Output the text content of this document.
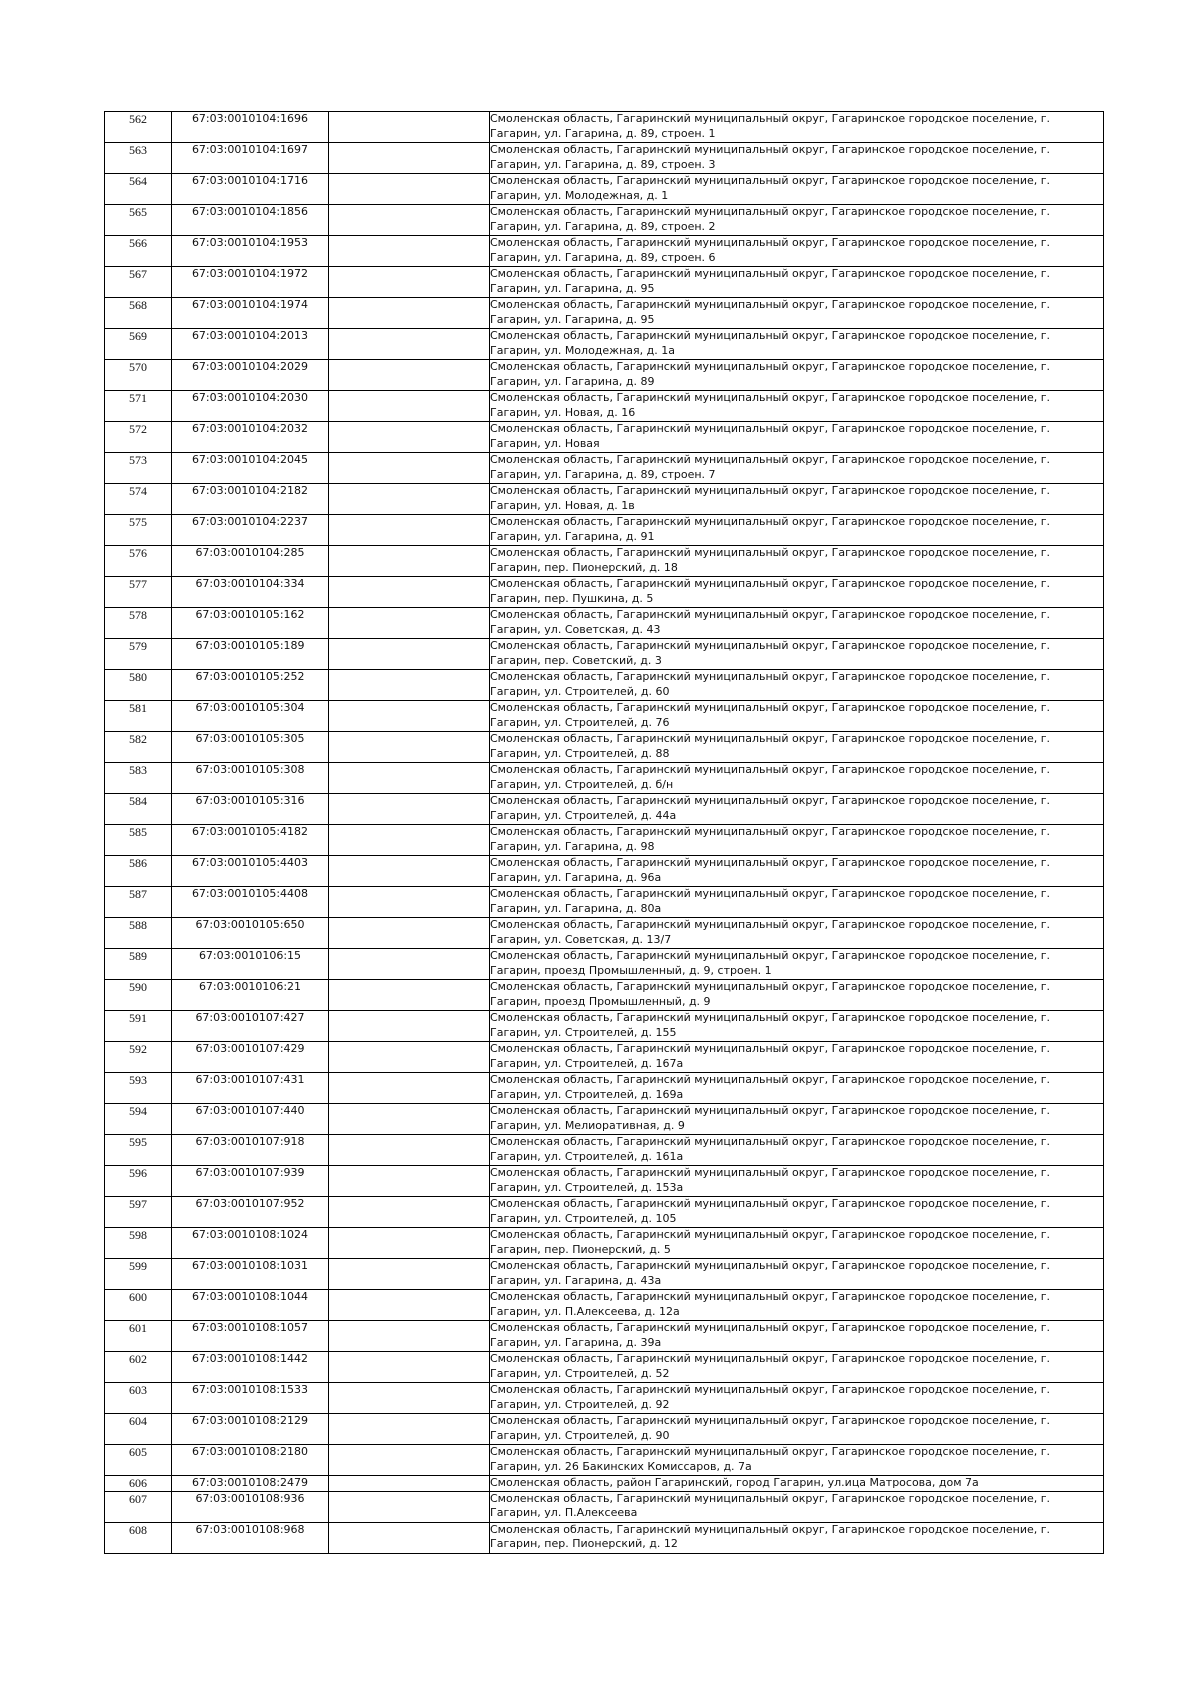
562	67:03:0010104:1696		Смоленская область, Гагаринский муниципальный округ, Гагаринское городское поселение, г.
Гагарин, ул. Гагарина, д. 89, строен. 1

563	67:03:0010104:1697		Смоленская область, Гагаринский муниципальный округ, Гагаринское городское поселение, г.
Гагарин, ул. Гагарина, д. 89, строен. 3

564	67:03:0010104:1716		Смоленская область, Гагаринский муниципальный округ, Гагаринское городское поселение, г.
Гагарин, ул. Молодежная, д. 1

565	67:03:0010104:1856		Смоленская область, Гагаринский муниципальный округ, Гагаринское городское поселение, г.
Гагарин, ул. Гагарина, д. 89, строен. 2

566	67:03:0010104:1953		Смоленская область, Гагаринский муниципальный округ, Гагаринское городское поселение, г.
Гагарин, ул. Гагарина, д. 89, строен. 6

567	67:03:0010104:1972		Смоленская область, Гагаринский муниципальный округ, Гагаринское городское поселение, г.
Гагарин, ул. Гагарина, д. 95

568	67:03:0010104:1974		Смоленская область, Гагаринский муниципальный округ, Гагаринское городское поселение, г.
Гагарин, ул. Гагарина, д. 95

569	67:03:0010104:2013		Смоленская область, Гагаринский муниципальный округ, Гагаринское городское поселение, г.
Гагарин, ул. Молодежная, д. 1а

570	67:03:0010104:2029		Смоленская область, Гагаринский муниципальный округ, Гагаринское городское поселение, г.
Гагарин, ул. Гагарина, д. 89

571	67:03:0010104:2030		Смоленская область, Гагаринский муниципальный округ, Гагаринское городское поселение, г.
Гагарин, ул. Новая, д. 16

572	67:03:0010104:2032		Смоленская область, Гагаринский муниципальный округ, Гагаринское городское поселение, г.
Гагарин, ул. Новая

573	67:03:0010104:2045		Смоленская область, Гагаринский муниципальный округ, Гагаринское городское поселение, г.
Гагарин, ул. Гагарина, д. 89, строен. 7

574	67:03:0010104:2182		Смоленская область, Гагаринский муниципальный округ, Гагаринское городское поселение, г.
Гагарин, ул. Новая, д. 1в

575	67:03:0010104:2237		Смоленская область, Гагаринский муниципальный округ, Гагаринское городское поселение, г.
Гагарин, ул. Гагарина, д. 91

576	67:03:0010104:285		Смоленская область, Гагаринский муниципальный округ, Гагаринское городское поселение, г.
Гагарин, пер. Пионерский, д. 18

577	67:03:0010104:334		Смоленская область, Гагаринский муниципальный округ, Гагаринское городское поселение, г.
Гагарин, пер. Пушкина, д. 5

578	67:03:0010105:162		Смоленская область, Гагаринский муниципальный округ, Гагаринское городское поселение, г.
Гагарин, ул. Советская, д. 43

579	67:03:0010105:189		Смоленская область, Гагаринский муниципальный округ, Гагаринское городское поселение, г.
Гагарин, пер. Советский, д. 3

580	67:03:0010105:252		Смоленская область, Гагаринский муниципальный округ, Гагаринское городское поселение, г.
Гагарин, ул. Строителей, д. 60

581	67:03:0010105:304		Смоленская область, Гагаринский муниципальный округ, Гагаринское городское поселение, г.
Гагарин, ул. Строителей, д. 76

582	67:03:0010105:305		Смоленская область, Гагаринский муниципальный округ, Гагаринское городское поселение, г.
Гагарин, ул. Строителей, д. 88

583	67:03:0010105:308		Смоленская область, Гагаринский муниципальный округ, Гагаринское городское поселение, г.
Гагарин, ул. Строителей, д. б/н

584	67:03:0010105:316		Смоленская область, Гагаринский муниципальный округ, Гагаринское городское поселение, г.
Гагарин, ул. Строителей, д. 44а

585	67:03:0010105:4182		Смоленская область, Гагаринский муниципальный округ, Гагаринское городское поселение, г.
Гагарин, ул. Гагарина, д. 98

586	67:03:0010105:4403		Смоленская область, Гагаринский муниципальный округ, Гагаринское городское поселение, г.
Гагарин, ул. Гагарина, д. 96а

587	67:03:0010105:4408		Смоленская область, Гагаринский муниципальный округ, Гагаринское городское поселение, г.
Гагарин, ул. Гагарина, д. 80а

588	67:03:0010105:650		Смоленская область, Гагаринский муниципальный округ, Гагаринское городское поселение, г.
Гагарин, ул. Советская, д. 13/7

589	67:03:0010106:15		Смоленская область, Гагаринский муниципальный округ, Гагаринское городское поселение, г.
Гагарин, проезд Промышленный, д. 9, строен. 1

590	67:03:0010106:21		Смоленская область, Гагаринский муниципальный округ, Гагаринское городское поселение, г.
Гагарин, проезд Промышленный, д. 9

591	67:03:0010107:427		Смоленская область, Гагаринский муниципальный округ, Гагаринское городское поселение, г.
Гагарин, ул. Строителей, д. 155

592	67:03:0010107:429		Смоленская область, Гагаринский муниципальный округ, Гагаринское городское поселение, г.
Гагарин, ул. Строителей, д. 167а

593	67:03:0010107:431		Смоленская область, Гагаринский муниципальный округ, Гагаринское городское поселение, г.
Гагарин, ул. Строителей, д. 169а

594	67:03:0010107:440		Смоленская область, Гагаринский муниципальный округ, Гагаринское городское поселение, г.
Гагарин, ул. Мелиоративная, д. 9

595	67:03:0010107:918		Смоленская область, Гагаринский муниципальный округ, Гагаринское городское поселение, г.
Гагарин, ул. Строителей, д. 161а

596	67:03:0010107:939		Смоленская область, Гагаринский муниципальный округ, Гагаринское городское поселение, г.
Гагарин, ул. Строителей, д. 153а

597	67:03:0010107:952		Смоленская область, Гагаринский муниципальный округ, Гагаринское городское поселение, г.
Гагарин, ул. Строителей, д. 105

598	67:03:0010108:1024		Смоленская область, Гагаринский муниципальный округ, Гагаринское городское поселение, г.
Гагарин, пер. Пионерский, д. 5

599	67:03:0010108:1031		Смоленская область, Гагаринский муниципальный округ, Гагаринское городское поселение, г.
Гагарин, ул. Гагарина, д. 43а

600	67:03:0010108:1044		Смоленская область, Гагаринский муниципальный округ, Гагаринское городское поселение, г.
Гагарин, ул. П.Алексеева, д. 12а

601	67:03:0010108:1057		Смоленская область, Гагаринский муниципальный округ, Гагаринское городское поселение, г.
Гагарин, ул. Гагарина, д. 39а

602	67:03:0010108:1442		Смоленская область, Гагаринский муниципальный округ, Гагаринское городское поселение, г.
Гагарин, ул. Строителей, д. 52

603	67:03:0010108:1533		Смоленская область, Гагаринский муниципальный округ, Гагаринское городское поселение, г.
Гагарин, ул. Строителей, д. 92

604	67:03:0010108:2129		Смоленская область, Гагаринский муниципальный округ, Гагаринское городское поселение, г.
Гагарин, ул. Строителей, д. 90

605	67:03:0010108:2180		Смоленская область, Гагаринский муниципальный округ, Гагаринское городское поселение, г.
Гагарин, ул. 26 Бакинских Комиссаров, д. 7а

606	67:03:0010108:2479		Смоленская область, район Гагаринский, город Гагарин, ул.ица Матросова, дом 7а

607	67:03:0010108:936		Смоленская область, Гагаринский муниципальный округ, Гагаринское городское поселение, г.
Гагарин, ул. П.Алексеева

608	67:03:0010108:968		Смоленская область, Гагаринский муниципальный округ, Гагаринское городское поселение, г.
Гагарин, пер. Пионерский, д. 12
